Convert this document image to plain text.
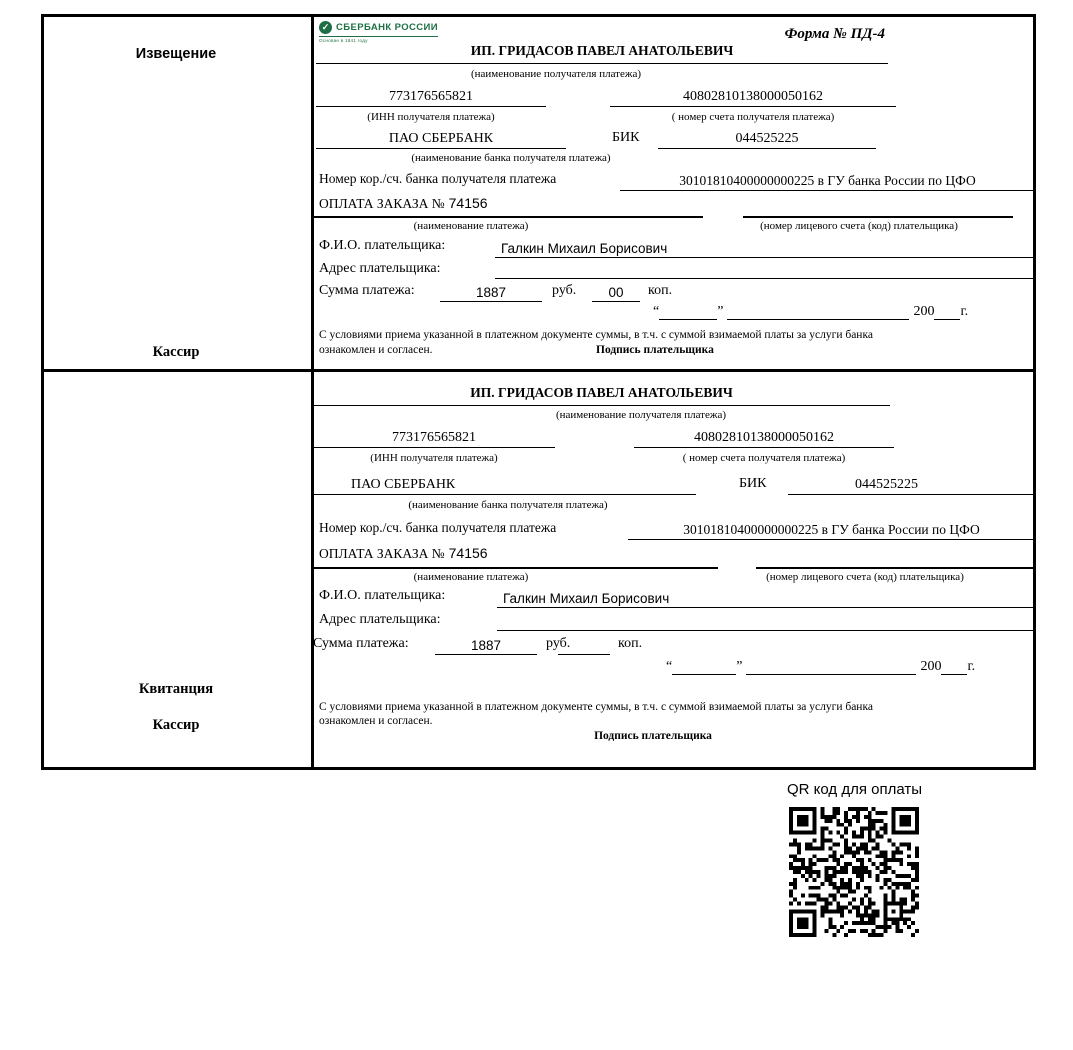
Извещение
Кассир
Квитанция
Кассир
✓ СБЕРБАНК РОССИИ
Основан в 1841 году	Форма № ПД-4
ИП. ГРИДАСОВ ПАВЕЛ АНАТОЛЬЕВИЧ
(наименование получателя платежа)
773176565821	40802810138000050162
(ИНН получателя платежа)	( номер счета получателя платежа)
ПАО СБЕРБАНК	БИК	044525225
(наименование банка получателя платежа)
Номер кор./сч. банка получателя платежа	30101810400000000225 в ГУ банка России по ЦФО
ОПЛАТА ЗАКАЗА № 74156
(наименование платежа)	(номер лицевого счета (код) плательщика)
Ф.И.О. плательщика:	Галкин Михаил Борисович
Адрес плательщика:
Сумма платежа:	1887	руб.	00	коп.
“	”	200 г.
С условиями приема указанной в платежном документе суммы, в т.ч. с суммой взимаемой платы за услуги банка
ознакомлен и согласен.	Подпись плательщика
ИП. ГРИДАСОВ ПАВЕЛ АНАТОЛЬЕВИЧ
(наименование получателя платежа)
773176565821	40802810138000050162
(ИНН получателя платежа)	( номер счета получателя платежа)
ПАО СБЕРБАНК	БИК	044525225
(наименование банка получателя платежа)
Номер кор./сч. банка получателя платежа	30101810400000000225 в ГУ банка России по ЦФО
ОПЛАТА ЗАКАЗА № 74156
(наименование платежа)	(номер лицевого счета (код) плательщика)
Ф.И.О. плательщика:	Галкин Михаил Борисович
Адрес плательщика:
Сумма платежа:	1887	руб.	коп.
“	”	200 г.
С условиями приема указанной в платежном документе суммы, в т.ч. с суммой взимаемой платы за услуги банка
ознакомлен и согласен.
Подпись плательщика
QR код для оплаты
